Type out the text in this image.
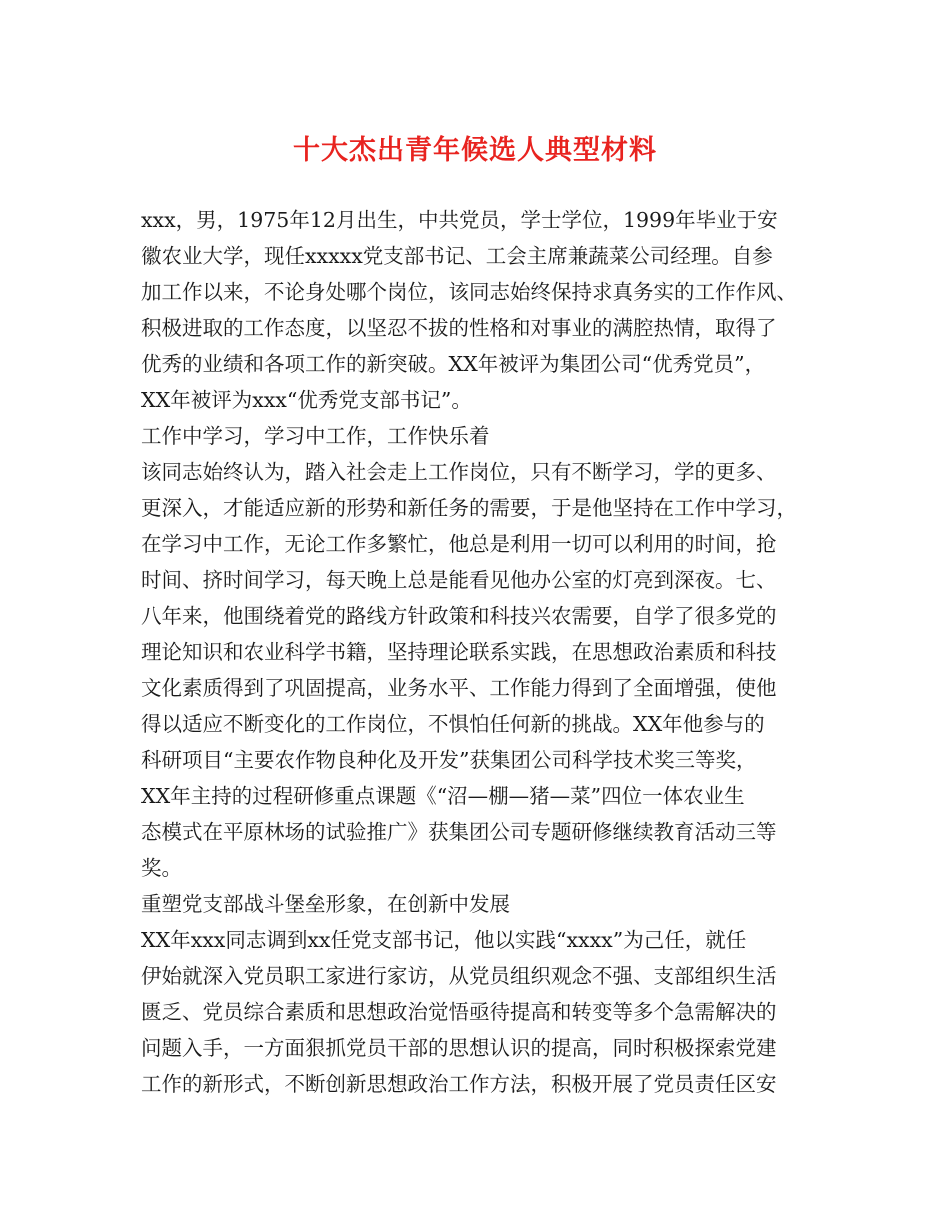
十大杰出青年候选人典型材料
xxx，男，1975年12月出生，中共党员，学士学位，1999年毕业于安
徽农业大学，现任xxxxx党支部书记、工会主席兼蔬菜公司经理。自参
加工作以来，不论身处哪个岗位，该同志始终保持求真务实的工作作风、
积极进取的工作态度，以坚忍不拔的性格和对事业的满腔热情，取得了
优秀的业绩和各项工作的新突破。XX年被评为集团公司“优秀党员”，
XX年被评为xxx“优秀党支部书记”。
工作中学习，学习中工作，工作快乐着
该同志始终认为，踏入社会走上工作岗位，只有不断学习，学的更多、
更深入，才能适应新的形势和新任务的需要，于是他坚持在工作中学习，
在学习中工作，无论工作多繁忙，他总是利用一切可以利用的时间，抢
时间、挤时间学习，每天晚上总是能看见他办公室的灯亮到深夜。七、
八年来，他围绕着党的路线方针政策和科技兴农需要，自学了很多党的
理论知识和农业科学书籍，坚持理论联系实践，在思想政治素质和科技
文化素质得到了巩固提高，业务水平、工作能力得到了全面增强，使他
得以适应不断变化的工作岗位，不惧怕任何新的挑战。XX年他参与的
科研项目“主要农作物良种化及开发”获集团公司科学技术奖三等奖，
XX年主持的过程研修重点课题《“沼—棚—猪—菜”四位一体农业生
态模式在平原林场的试验推广》获集团公司专题研修继续教育活动三等
奖。
重塑党支部战斗堡垒形象，在创新中发展
XX年xxx同志调到xx任党支部书记，他以实践“xxxx”为己任，就任
伊始就深入党员职工家进行家访，从党员组织观念不强、支部组织生活
匮乏、党员综合素质和思想政治觉悟亟待提高和转变等多个急需解决的
问题入手，一方面狠抓党员干部的思想认识的提高，同时积极探索党建
工作的新形式，不断创新思想政治工作方法，积极开展了党员责任区安
